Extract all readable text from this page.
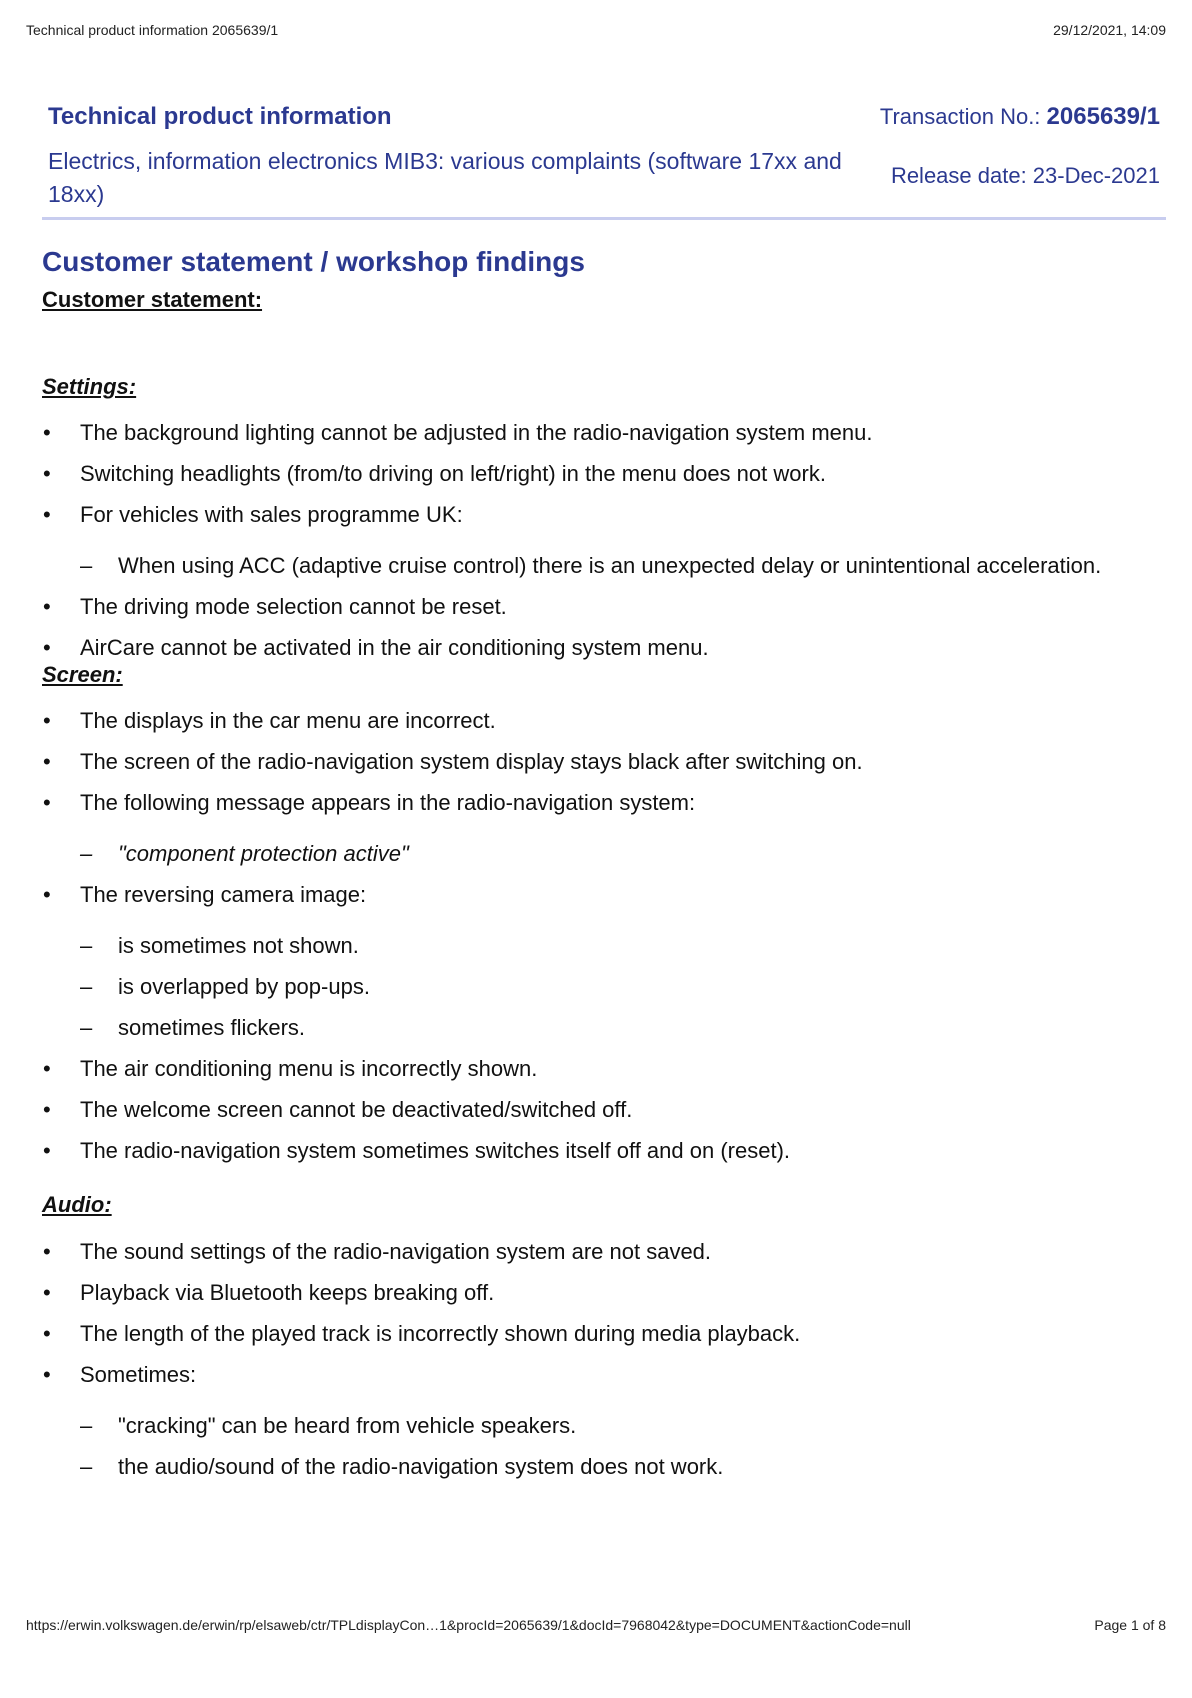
Technical product information 2065639/1	29/12/2021, 14:09
Technical product information
Electrics, information electronics MIB3: various complaints (software 17xx and 18xx)
Transaction No.: 2065639/1
Release date: 23-Dec-2021
Customer statement / workshop findings
Customer statement:
Settings:
• The background lighting cannot be adjusted in the radio-navigation system menu.
• Switching headlights (from/to driving on left/right) in the menu does not work.
• For vehicles with sales programme UK:
– When using ACC (adaptive cruise control) there is an unexpected delay or unintentional acceleration.
• The driving mode selection cannot be reset.
• AirCare cannot be activated in the air conditioning system menu.
Screen:
• The displays in the car menu are incorrect.
• The screen of the radio-navigation system display stays black after switching on.
• The following message appears in the radio-navigation system:
– "component protection active"
• The reversing camera image:
– is sometimes not shown.
– is overlapped by pop-ups.
– sometimes flickers.
• The air conditioning menu is incorrectly shown.
• The welcome screen cannot be deactivated/switched off.
• The radio-navigation system sometimes switches itself off and on (reset).
Audio:
• The sound settings of the radio-navigation system are not saved.
• Playback via Bluetooth keeps breaking off.
• The length of the played track is incorrectly shown during media playback.
• Sometimes:
– "cracking" can be heard from vehicle speakers.
– the audio/sound of the radio-navigation system does not work.
https://erwin.volkswagen.de/erwin/rp/elsaweb/ctr/TPLdisplayCon…1&procId=2065639/1&docId=7968042&type=DOCUMENT&actionCode=null	Page 1 of 8
